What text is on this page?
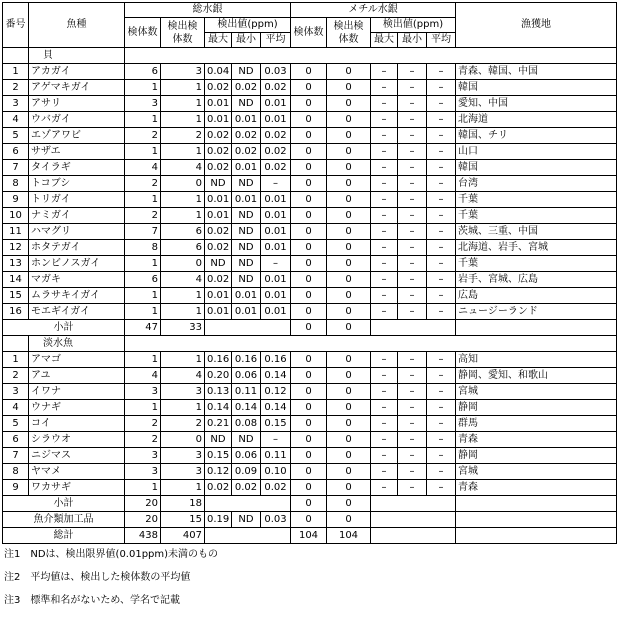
番号	魚種	総水銀					メチル水銀					漁獲地
		検体数	検出検体数	検出値(ppm)			検体数	検出検体数	検出値(ppm)			
				最大	最小	平均			最大	最小	平均	
	貝											
1	アカガイ	6	3	0.04	ND	0.03	0	0	–	–	–	青森、韓国、中国
2	アゲマキガイ	1	1	0.02	0.02	0.02	0	0	–	–	–	韓国
3	アサリ	3	1	0.01	ND	0.01	0	0	–	–	–	愛知、中国
4	ウバガイ	1	1	0.01	0.01	0.01	0	0	–	–	–	北海道
5	エゾアワビ	2	2	0.02	0.02	0.02	0	0	–	–	–	韓国、チリ
6	サザエ	1	1	0.02	0.02	0.02	0	0	–	–	–	山口
7	タイラギ	4	4	0.02	0.01	0.02	0	0	–	–	–	韓国
8	トコブシ	2	0	ND	ND	–	0	0	–	–	–	台湾
9	トリガイ	1	1	0.01	0.01	0.01	0	0	–	–	–	千葉
10	ナミガイ	2	1	0.01	ND	0.01	0	0	–	–	–	千葉
11	ハマグリ	7	6	0.02	ND	0.01	0	0	–	–	–	茨城、三重、中国
12	ホタテガイ	8	6	0.02	ND	0.01	0	0	–	–	–	北海道、岩手、宮城
13	ホンビノスガイ	1	0	ND	ND	–	0	0	–	–	–	千葉
14	マガキ	6	4	0.02	ND	0.01	0	0	–	–	–	岩手、宮城、広島
15	ムラサキイガイ	1	1	0.01	0.01	0.01	0	0	–	–	–	広島
16	モエギイガイ	1	1	0.01	0.01	0.01	0	0	–	–	–	ニュージーランド
小計		47	33				0	0				
	淡水魚											
1	アマゴ	1	1	0.16	0.16	0.16	0	0	–	–	–	高知
2	アユ	4	4	0.20	0.06	0.14	0	0	–	–	–	静岡、愛知、和歌山
3	イワナ	3	3	0.13	0.11	0.12	0	0	–	–	–	宮城
4	ウナギ	1	1	0.14	0.14	0.14	0	0	–	–	–	静岡
5	コイ	2	2	0.21	0.08	0.15	0	0	–	–	–	群馬
6	シラウオ	2	0	ND	ND	–	0	0	–	–	–	青森
7	ニジマス	3	3	0.15	0.06	0.11	0	0	–	–	–	静岡
8	ヤマメ	3	3	0.12	0.09	0.10	0	0	–	–	–	宮城
9	ワカサギ	1	1	0.02	0.02	0.02	0	0	–	–	–	青森
小計		20	18				0	0				
魚介類加工品		20	15	0.19	ND	0.03	0	0				
総計		438	407				104	104				
注1　NDは、検出限界値(0.01ppm)未満のもの
注2　平均値は、検出した検体数の平均値
注3　標準和名がないため、学名で記載
